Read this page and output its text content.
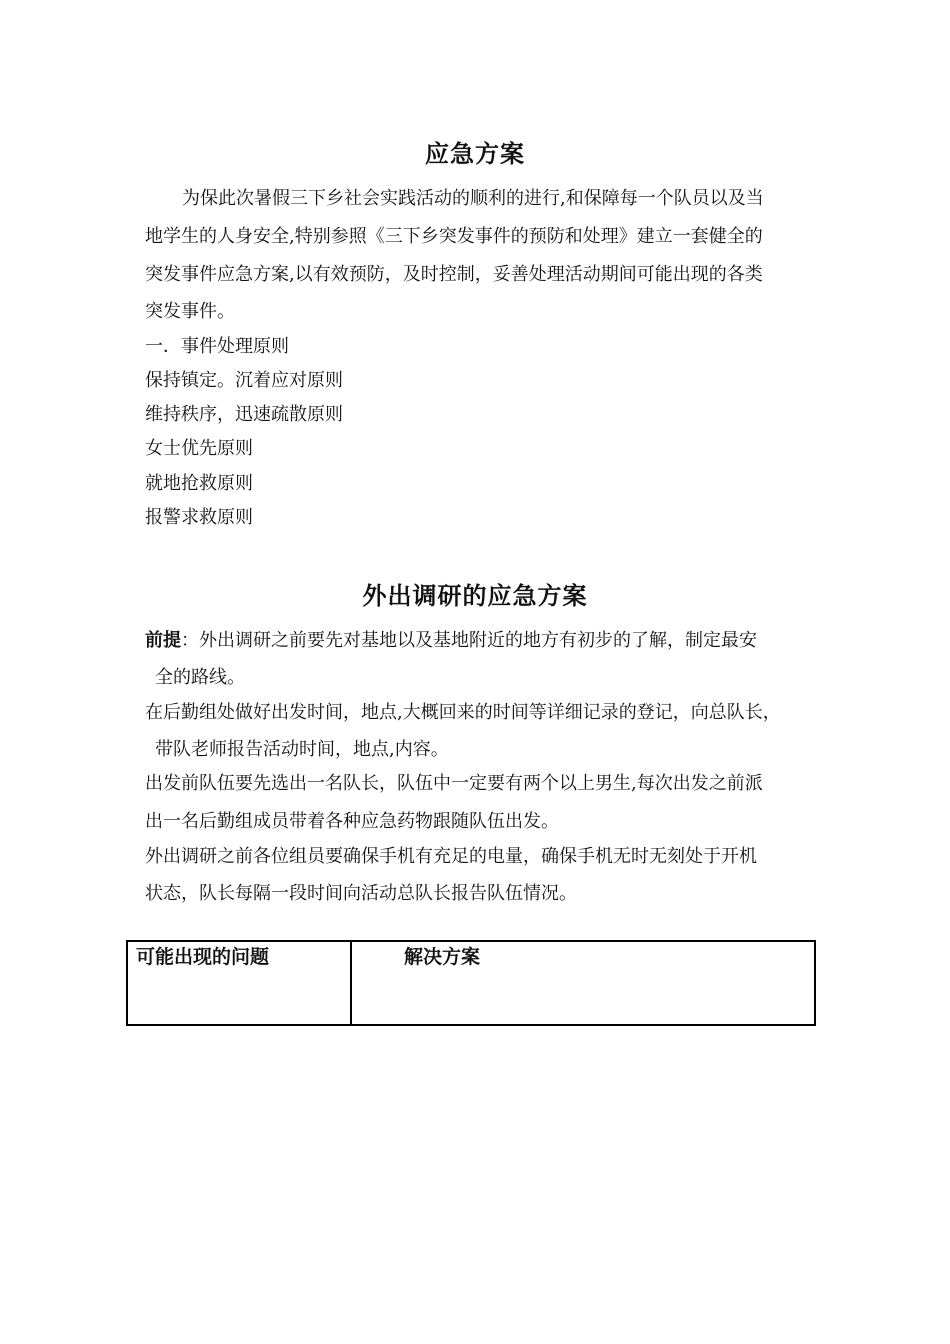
应急方案
为保此次暑假三下乡社会实践活动的顺利的进行,和保障每一个队员以及当
地学生的人身安全,特别参照《三下乡突发事件的预防和处理》建立一套健全的
突发事件应急方案,以有效预防，及时控制，妥善处理活动期间可能出现的各类
突发事件。
一．事件处理原则
保持镇定。沉着应对原则
维持秩序，迅速疏散原则
女士优先原则
就地抢救原则
报警求救原则
外出调研的应急方案
前提：外出调研之前要先对基地以及基地附近的地方有初步的了解，制定最安
全的路线。
在后勤组处做好出发时间，地点,大概回来的时间等详细记录的登记，向总队长，
带队老师报告活动时间，地点,内容。
出发前队伍要先选出一名队长，队伍中一定要有两个以上男生,每次出发之前派
出一名后勤组成员带着各种应急药物跟随队伍出发。
外出调研之前各位组员要确保手机有充足的电量，确保手机无时无刻处于开机
状态，队长每隔一段时间向活动总队长报告队伍情况。
可能出现的问题	解决方案
